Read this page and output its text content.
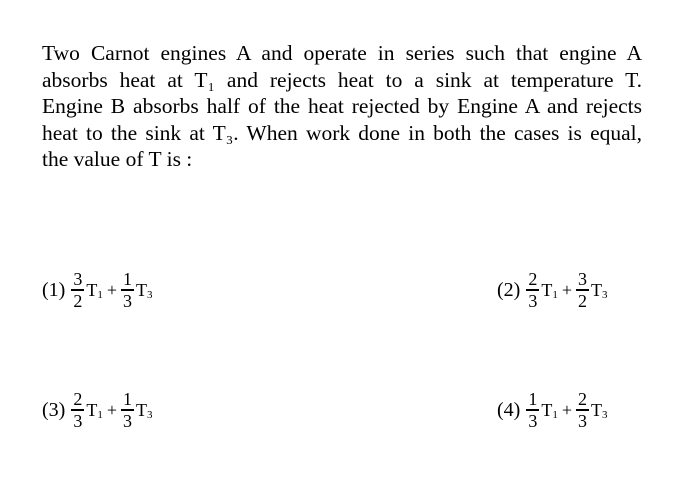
Two Carnot engines A and operate in series such that engine A
absorbs heat at T₁ and rejects heat to a sink at temperature T.
Engine B absorbs half of the heat rejected by Engine A and rejects
heat to the sink at T₃. When work done in both the cases is equal,
the value of T is :
$(1) \frac{3}{2} T_1 + \frac{1}{3} T_3$	$(2) \frac{2}{3} T_1 + \frac{3}{2} T_3$
$(3) \frac{2}{3} T_1 + \frac{1}{3} T_3$	$(4) \frac{1}{3} T_1 + \frac{2}{3} T_3$
